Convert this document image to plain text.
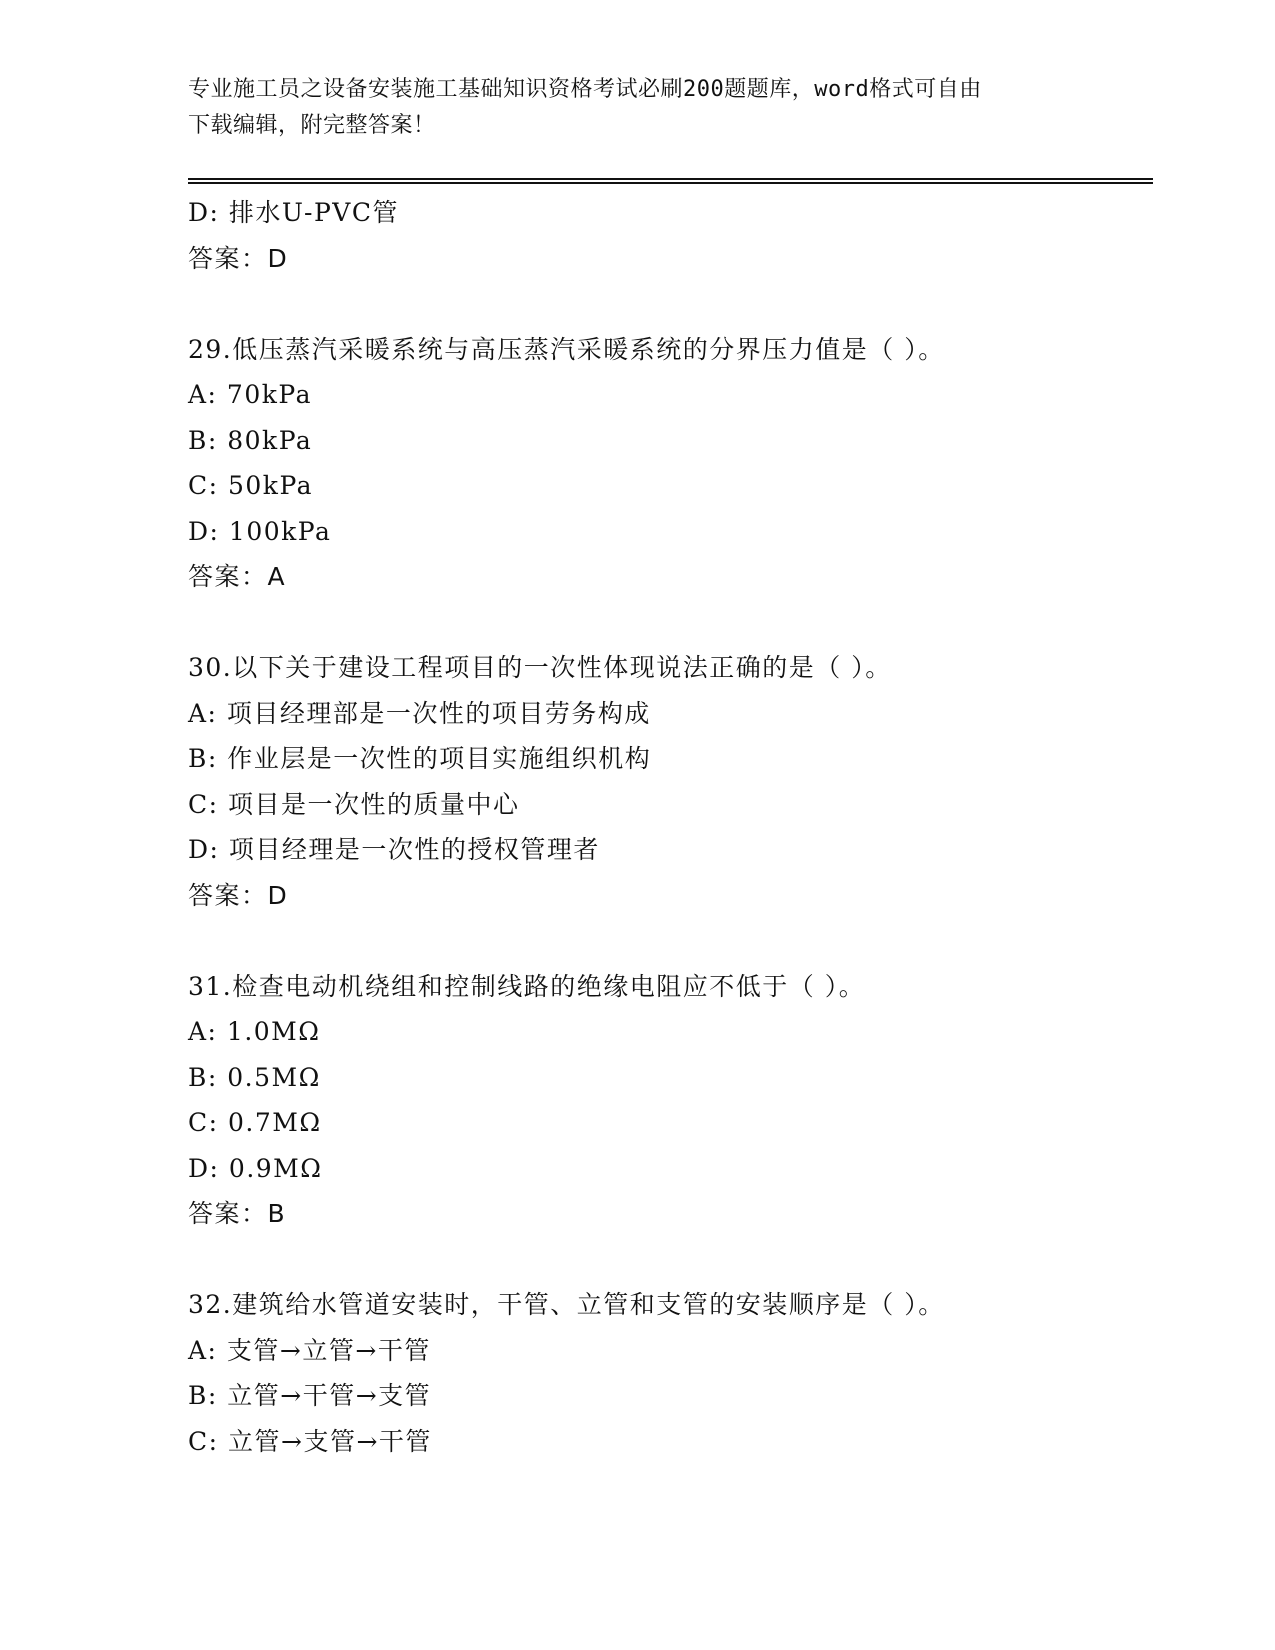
专业施工员之设备安装施工基础知识资格考试必刷200题题库，word格式可自由
下载编辑，附完整答案！
D: 排水U-PVC管
答案：D
29.低压蒸汽采暖系统与高压蒸汽采暖系统的分界压力值是（ ）。
A: 70kPa
B: 80kPa
C: 50kPa
D: 100kPa
答案：A
30.以下关于建设工程项目的一次性体现说法正确的是（ ）。
A: 项目经理部是一次性的项目劳务构成
B: 作业层是一次性的项目实施组织机构
C: 项目是一次性的质量中心
D: 项目经理是一次性的授权管理者
答案：D
31.检查电动机绕组和控制线路的绝缘电阻应不低于（ ）。
A: 1.0MΩ
B: 0.5MΩ
C: 0.7MΩ
D: 0.9MΩ
答案：B
32.建筑给水管道安装时，干管、立管和支管的安装顺序是（ ）。
A: 支管→立管→干管
B: 立管→干管→支管
C: 立管→支管→干管
